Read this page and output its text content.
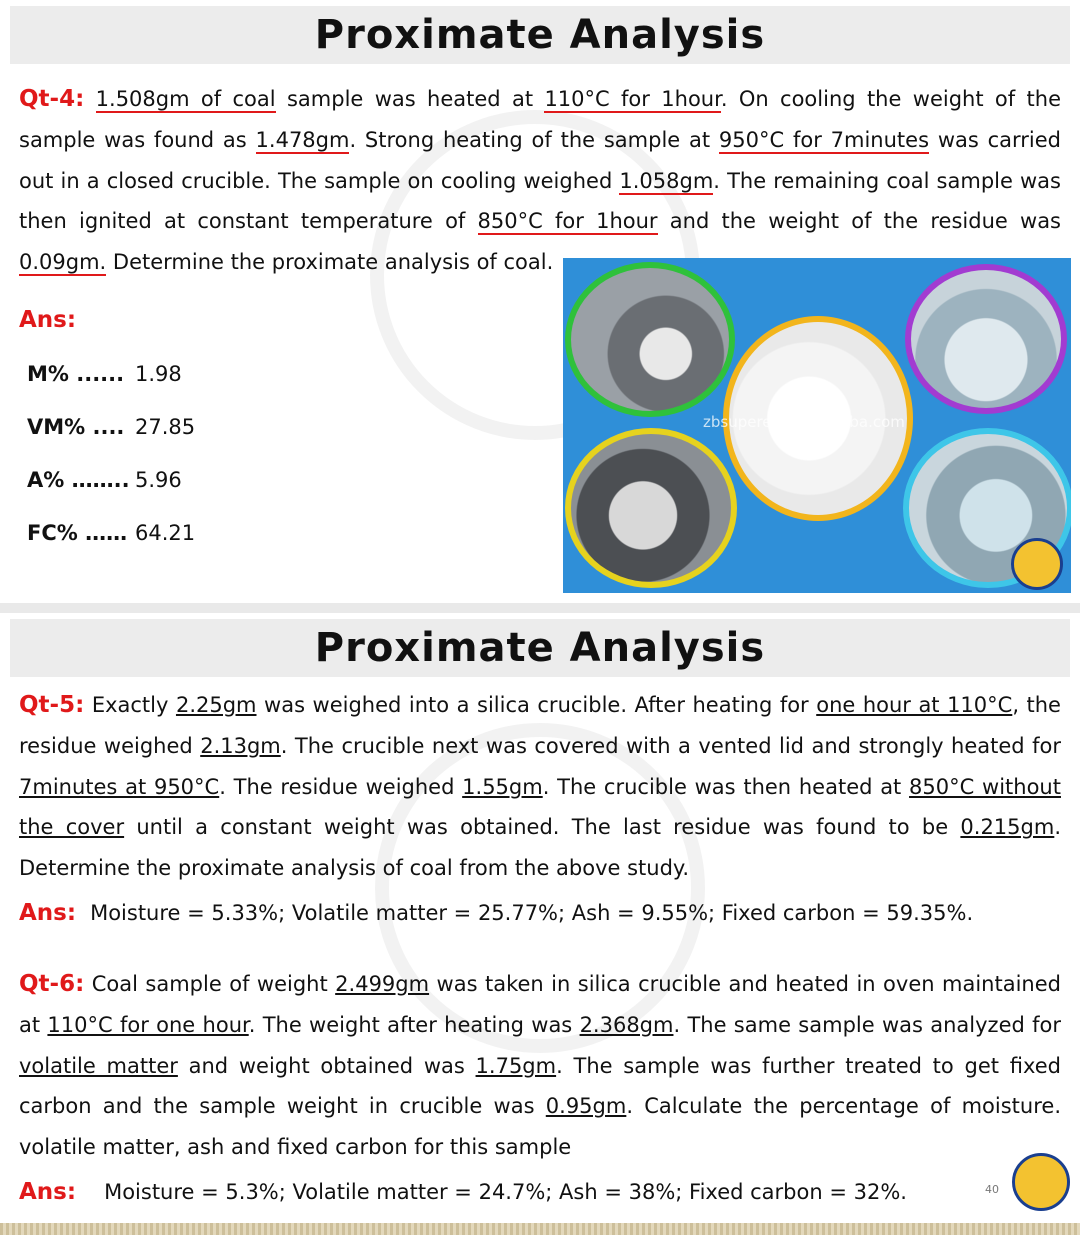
Proximate Analysis
Qt-4: 1.508gm of coal sample was heated at 110°C for 1hour. On cooling the weight of the sample was found as 1.478gm. Strong heating of the sample at 950°C for 7minutes was carried out in a closed crucible. The sample on cooling weighed 1.058gm. The remaining coal sample was then ignited at constant temperature of 850°C for 1hour and the weight of the residue was 0.09gm. Determine the proximate analysis of coal.
Ans:
M% ...... 1.98
VM% .... 27.85
A% …….. 5.96
FC% …… 64.21
zbsupereal.en.alibaba.com
Proximate Analysis
Qt-5: Exactly 2.25gm was weighed into a silica crucible. After heating for one hour at 110°C, the residue weighed 2.13gm. The crucible next was covered with a vented lid and strongly heated for 7minutes at 950°C. The residue weighed 1.55gm. The crucible was then heated at 850°C without the cover until a constant weight was obtained. The last residue was found to be 0.215gm. Determine the proximate analysis of coal from the above study.
Ans: Moisture = 5.33%; Volatile matter = 25.77%; Ash = 9.55%; Fixed carbon = 59.35%.
Qt-6: Coal sample of weight 2.499gm was taken in silica crucible and heated in oven maintained at 110°C for one hour. The weight after heating was 2.368gm. The same sample was analyzed for volatile matter and weight obtained was 1.75gm. The sample was further treated to get fixed carbon and the sample weight in crucible was 0.95gm. Calculate the percentage of moisture. volatile matter, ash and fixed carbon for this sample
Ans: Moisture = 5.3%; Volatile matter = 24.7%; Ash = 38%; Fixed carbon = 32%.	40
